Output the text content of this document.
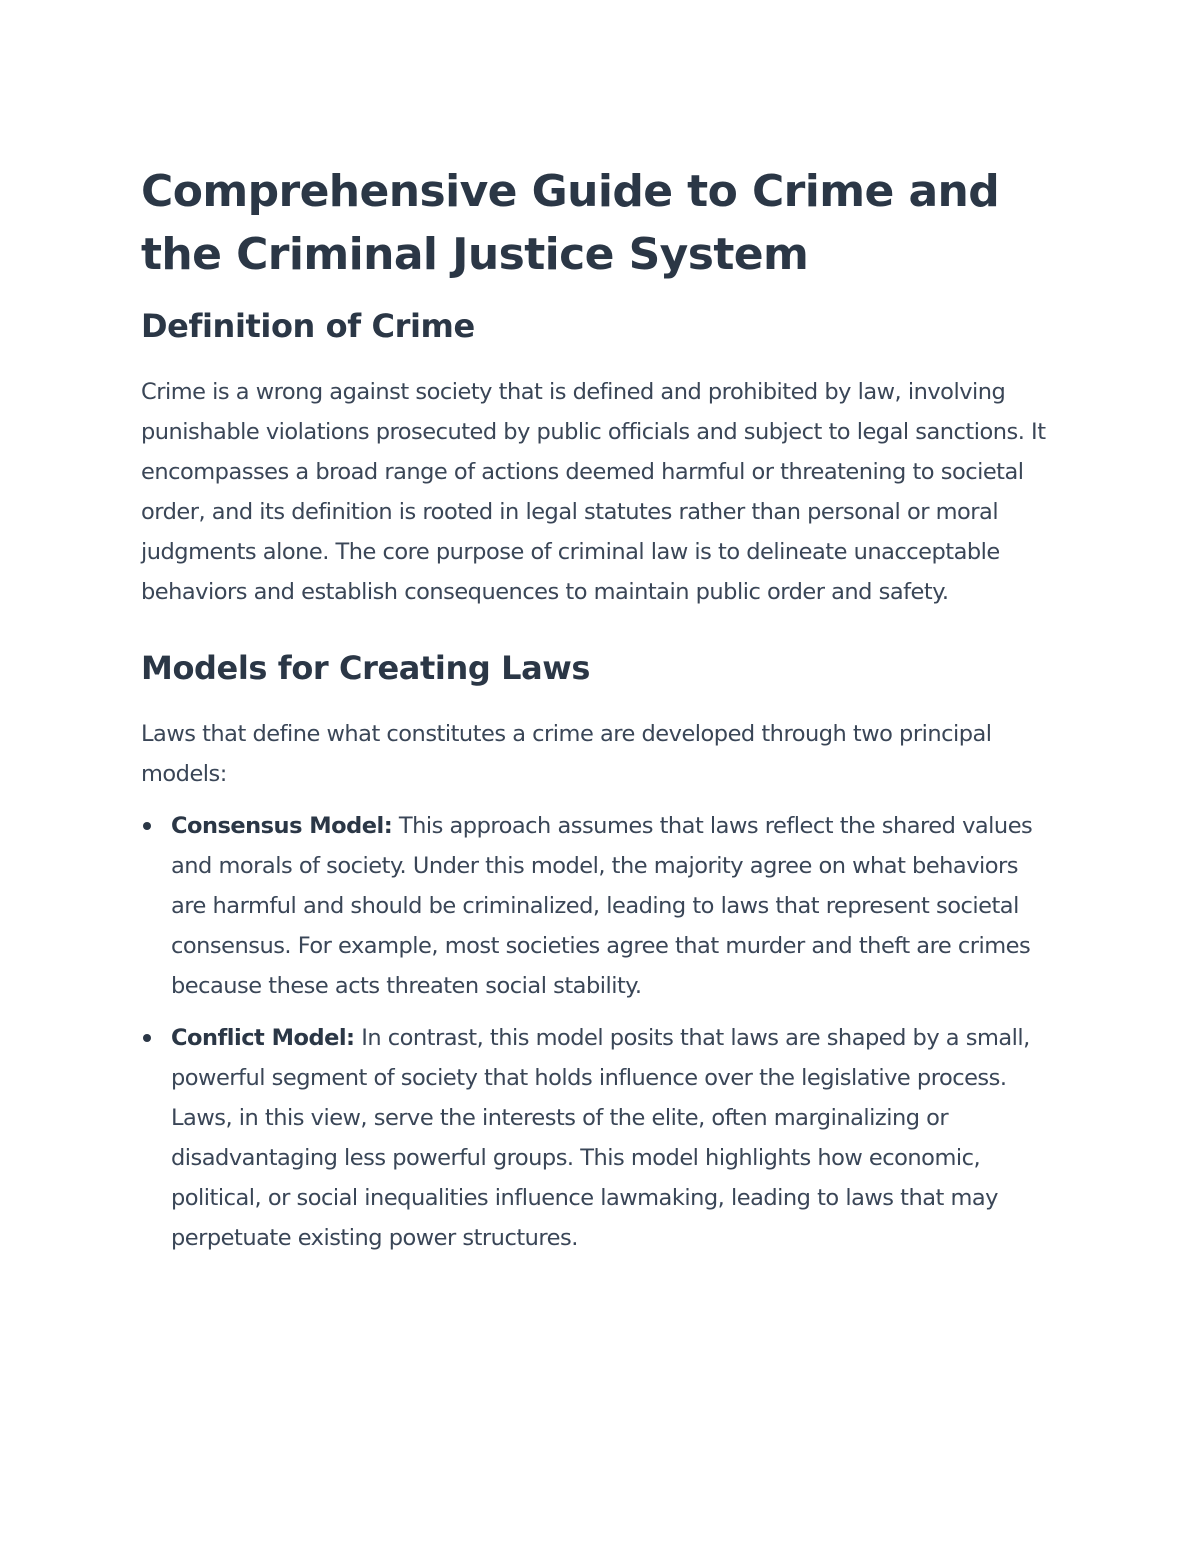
Comprehensive Guide to Crime and the Criminal Justice System
Definition of Crime

Crime is a wrong against society that is defined and prohibited by law, involving punishable violations prosecuted by public officials and subject to legal sanctions. It encompasses a broad range of actions deemed harmful or threatening to societal order, and its definition is rooted in legal statutes rather than personal or moral judgments alone. The core purpose of criminal law is to delineate unacceptable behaviors and establish consequences to maintain public order and safety.

Models for Creating Laws

Laws that define what constitutes a crime are developed through two principal models:

Consensus Model: This approach assumes that laws reflect the shared values and morals of society. Under this model, the majority agree on what behaviors are harmful and should be criminalized, leading to laws that represent societal consensus. For example, most societies agree that murder and theft are crimes because these acts threaten social stability.
Conflict Model: In contrast, this model posits that laws are shaped by a small, powerful segment of society that holds influence over the legislative process. Laws, in this view, serve the interests of the elite, often marginalizing or disadvantaging less powerful groups. This model highlights how economic, political, or social inequalities influence lawmaking, leading to laws that may perpetuate existing power structures.
